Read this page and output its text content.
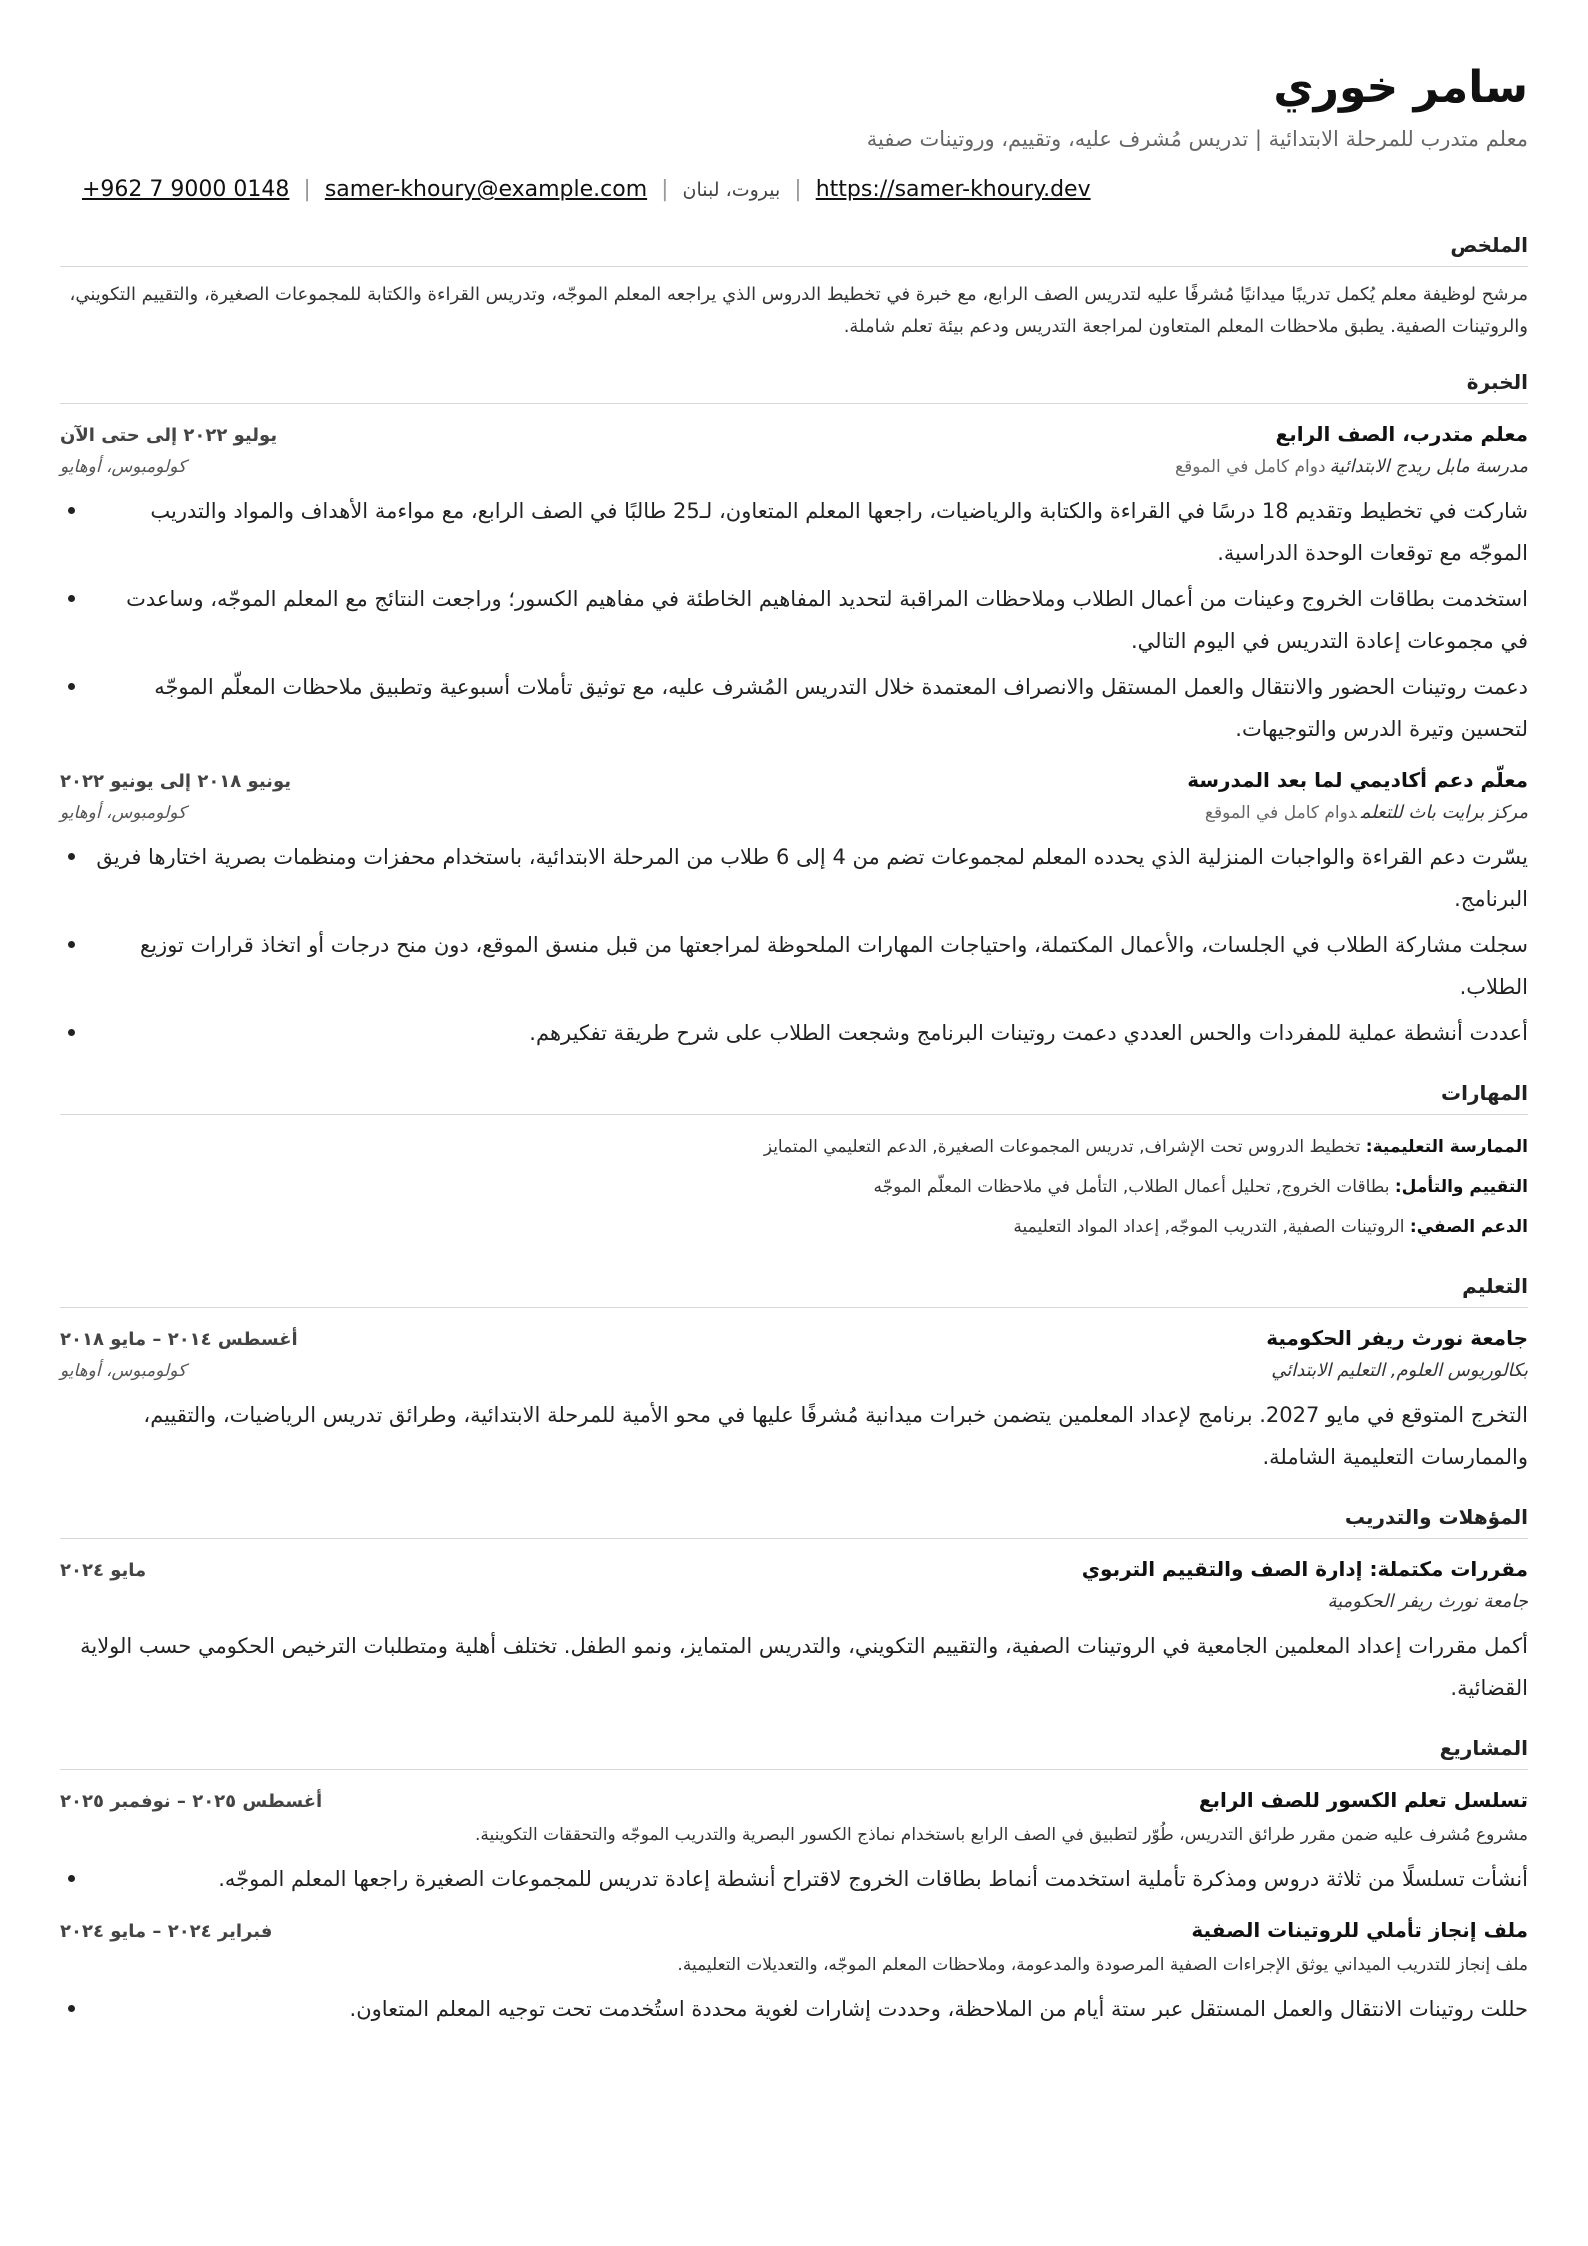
سامر خوري
معلم متدرب للمرحلة الابتدائية | تدريس مُشرف عليه، وتقييم، وروتينات صفية
+962 7 9000 0148 | samer-khoury@example.com | بيروت، لبنان | https://samer-khoury.dev
الملخص
مرشح لوظيفة معلم يُكمل تدريبًا ميدانيًا مُشرفًا عليه لتدريس الصف الرابع، مع خبرة في تخطيط الدروس الذي يراجعه المعلم الموجّه، وتدريس القراءة والكتابة للمجموعات الصغيرة، والتقييم التكويني، والروتينات الصفية. يطبق ملاحظات المعلم المتعاون لمراجعة التدريس ودعم بيئة تعلم شاملة.
الخبرة
معلم متدرب، الصف الرابع
يوليو ٢٠٢٢ إلى حتى الآن
مدرسة مابل ريدج الابتدائيةدوام كامل في الموقع
كولومبوس، أوهايو
شاركت في تخطيط وتقديم 18 درسًا في القراءة والكتابة والرياضيات، راجعها المعلم المتعاون، لـ25 طالبًا في الصف الرابع، مع مواءمة الأهداف والمواد والتدريب الموجّه مع توقعات الوحدة الدراسية.
استخدمت بطاقات الخروج وعينات من أعمال الطلاب وملاحظات المراقبة لتحديد المفاهيم الخاطئة في مفاهيم الكسور؛ وراجعت النتائج مع المعلم الموجّه، وساعدت في مجموعات إعادة التدريس في اليوم التالي.
دعمت روتينات الحضور والانتقال والعمل المستقل والانصراف المعتمدة خلال التدريس المُشرف عليه، مع توثيق تأملات أسبوعية وتطبيق ملاحظات المعلّم الموجّه لتحسين وتيرة الدرس والتوجيهات.
معلّم دعم أكاديمي لما بعد المدرسة
يونيو ٢٠١٨ إلى يونيو ٢٠٢٢
مركز برايت باث للتعلمدوام كامل في الموقع
كولومبوس، أوهايو
يسّرت دعم القراءة والواجبات المنزلية الذي يحدده المعلم لمجموعات تضم من 4 إلى 6 طلاب من المرحلة الابتدائية، باستخدام محفزات ومنظمات بصرية اختارها فريق البرنامج.
سجلت مشاركة الطلاب في الجلسات، والأعمال المكتملة، واحتياجات المهارات الملحوظة لمراجعتها من قبل منسق الموقع، دون منح درجات أو اتخاذ قرارات توزيع الطلاب.
أعددت أنشطة عملية للمفردات والحس العددي دعمت روتينات البرنامج وشجعت الطلاب على شرح طريقة تفكيرهم.
المهارات
الممارسة التعليمية: تخطيط الدروس تحت الإشراف, تدريس المجموعات الصغيرة, الدعم التعليمي المتمايز
التقييم والتأمل: بطاقات الخروج, تحليل أعمال الطلاب, التأمل في ملاحظات المعلّم الموجّه
الدعم الصفي: الروتينات الصفية, التدريب الموجّه, إعداد المواد التعليمية
التعليم
جامعة نورث ريفر الحكومية
أغسطس ٢٠١٤ – مايو ٢٠١٨
بكالوريوس العلوم, التعليم الابتدائي
كولومبوس، أوهايو
التخرج المتوقع في مايو 2027. برنامج لإعداد المعلمين يتضمن خبرات ميدانية مُشرفًا عليها في محو الأمية للمرحلة الابتدائية، وطرائق تدريس الرياضيات، والتقييم، والممارسات التعليمية الشاملة.
المؤهلات والتدريب
مقررات مكتملة: إدارة الصف والتقييم التربوي
مايو ٢٠٢٤
جامعة نورث ريفر الحكومية
أكمل مقررات إعداد المعلمين الجامعية في الروتينات الصفية، والتقييم التكويني، والتدريس المتمايز، ونمو الطفل. تختلف أهلية ومتطلبات الترخيص الحكومي حسب الولاية القضائية.
المشاريع
تسلسل تعلم الكسور للصف الرابع
أغسطس ٢٠٢٥ – نوفمبر ٢٠٢٥
مشروع مُشرف عليه ضمن مقرر طرائق التدريس، طُوّر لتطبيق في الصف الرابع باستخدام نماذج الكسور البصرية والتدريب الموجّه والتحققات التكوينية.
أنشأت تسلسلًا من ثلاثة دروس ومذكرة تأملية استخدمت أنماط بطاقات الخروج لاقتراح أنشطة إعادة تدريس للمجموعات الصغيرة راجعها المعلم الموجّه.
ملف إنجاز تأملي للروتينات الصفية
فبراير ٢٠٢٤ – مايو ٢٠٢٤
ملف إنجاز للتدريب الميداني يوثق الإجراءات الصفية المرصودة والمدعومة، وملاحظات المعلم الموجّه، والتعديلات التعليمية.
حللت روتينات الانتقال والعمل المستقل عبر ستة أيام من الملاحظة، وحددت إشارات لغوية محددة استُخدمت تحت توجيه المعلم المتعاون.
